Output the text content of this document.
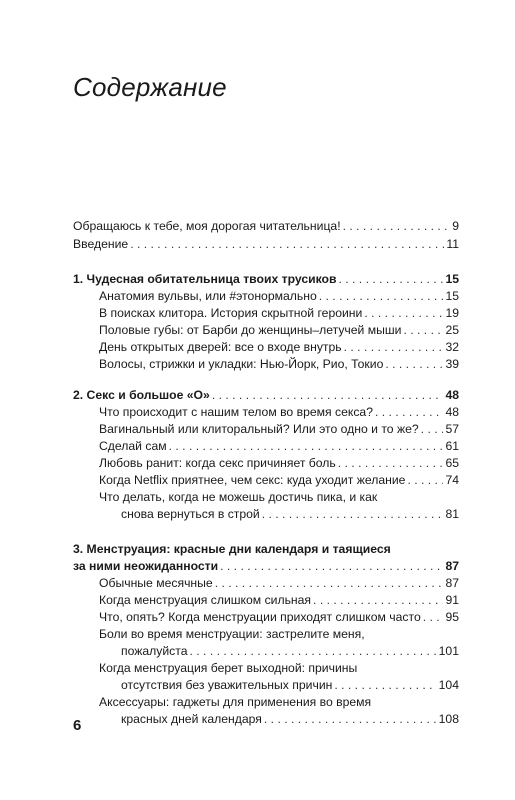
Содержание
Обращаюсь к тебе, моя дорогая читательница! . . .	9
Введение . . .	11
1. Чудесная обитательница твоих трусиков . . .	15
Анатомия вульвы, или #этонормально . . .	15
В поисках клитора. История скрытной героини . . .	19
Половые губы: от Барби до женщины–летучей мыши . . .	25
День открытых дверей: все о входе внутрь . . .	32
Волосы, стрижки и укладки: Нью-Йорк, Рио, Токио . . .	39
2. Секс и большое «О» . . .	48
Что происходит с нашим телом во время секса? . . .	48
Вагинальный или клиторальный? Или это одно и то же? . . . 57
Сделай сам . . .	61
Любовь ранит: когда секс причиняет боль . . .	65
Когда Netflix приятнее, чем секс: куда уходит желание . . .	74
Что делать, когда не можешь достичь пика, и как
снова вернуться в строй . . .	81
3. Менструация: красные дни календаря и таящиеся
за ними неожиданности . . .	87
Обычные месячные . . .	87
Когда менструация слишком сильная . . .	91
Что, опять? Когда менструации приходят слишком часто . . . 95
Боли во время менструации: застрелите меня,
пожалуйста . . .	101
Когда менструация берет выходной: причины
отсутствия без уважительных причин . . .	104
Аксессуары: гаджеты для применения во время
красных дней календаря . . .	108

6
